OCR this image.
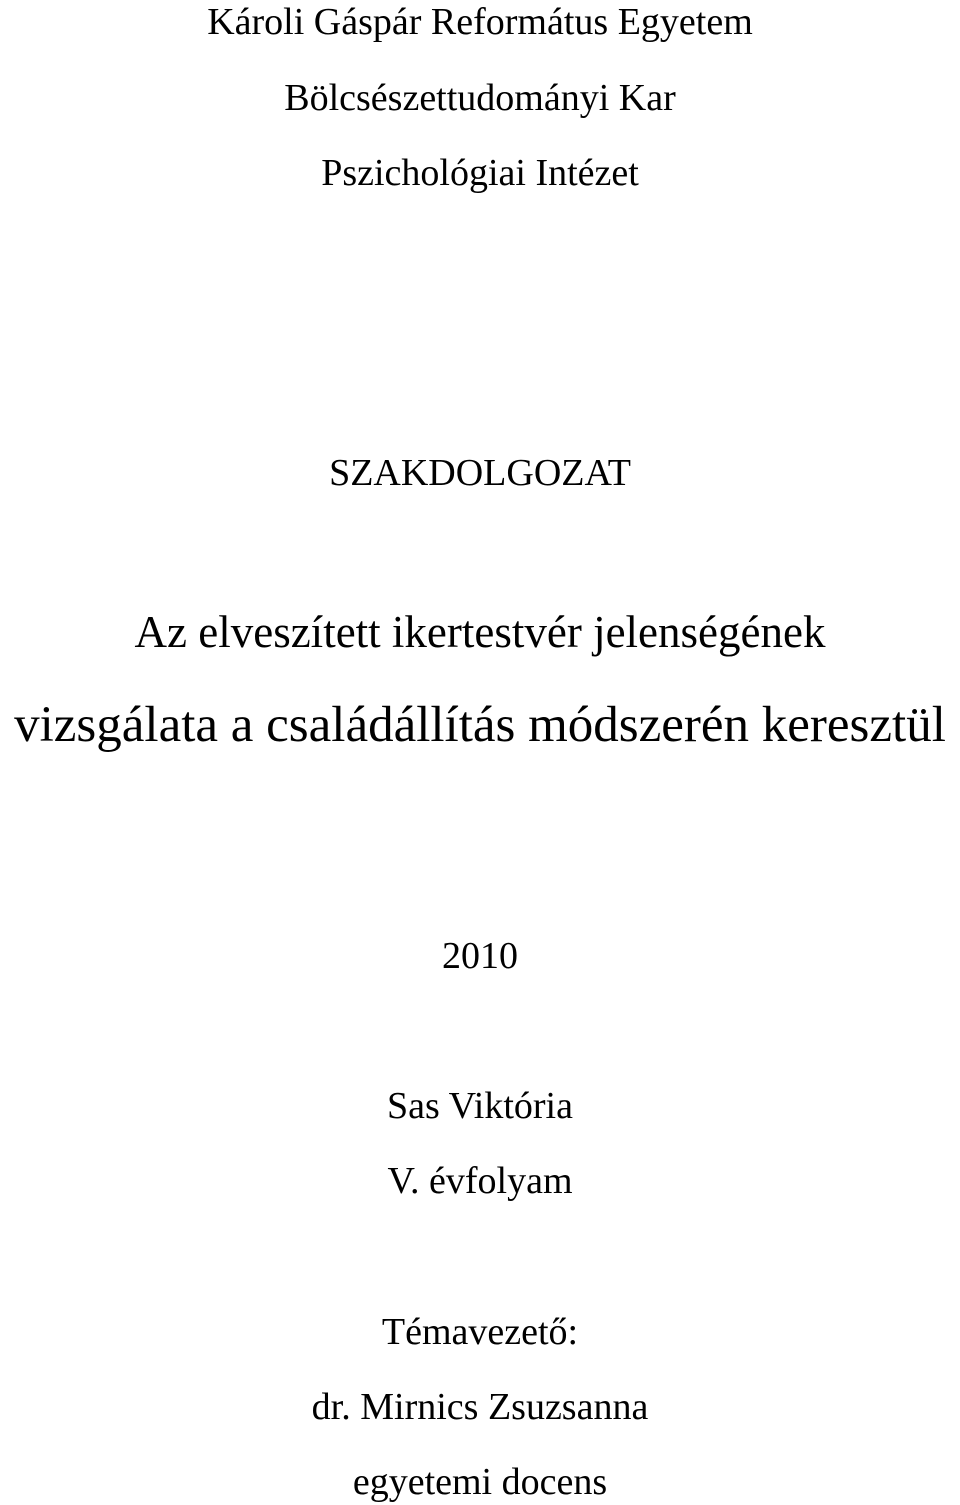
Károli Gáspár Református Egyetem
Bölcsészettudományi Kar
Pszichológiai Intézet
SZAKDOLGOZAT
Az elveszített ikertestvér jelenségének
vizsgálata a családállítás módszerén keresztül
2010
Sas Viktória
V. évfolyam
Témavezető:
dr. Mirnics Zsuzsanna
egyetemi docens
